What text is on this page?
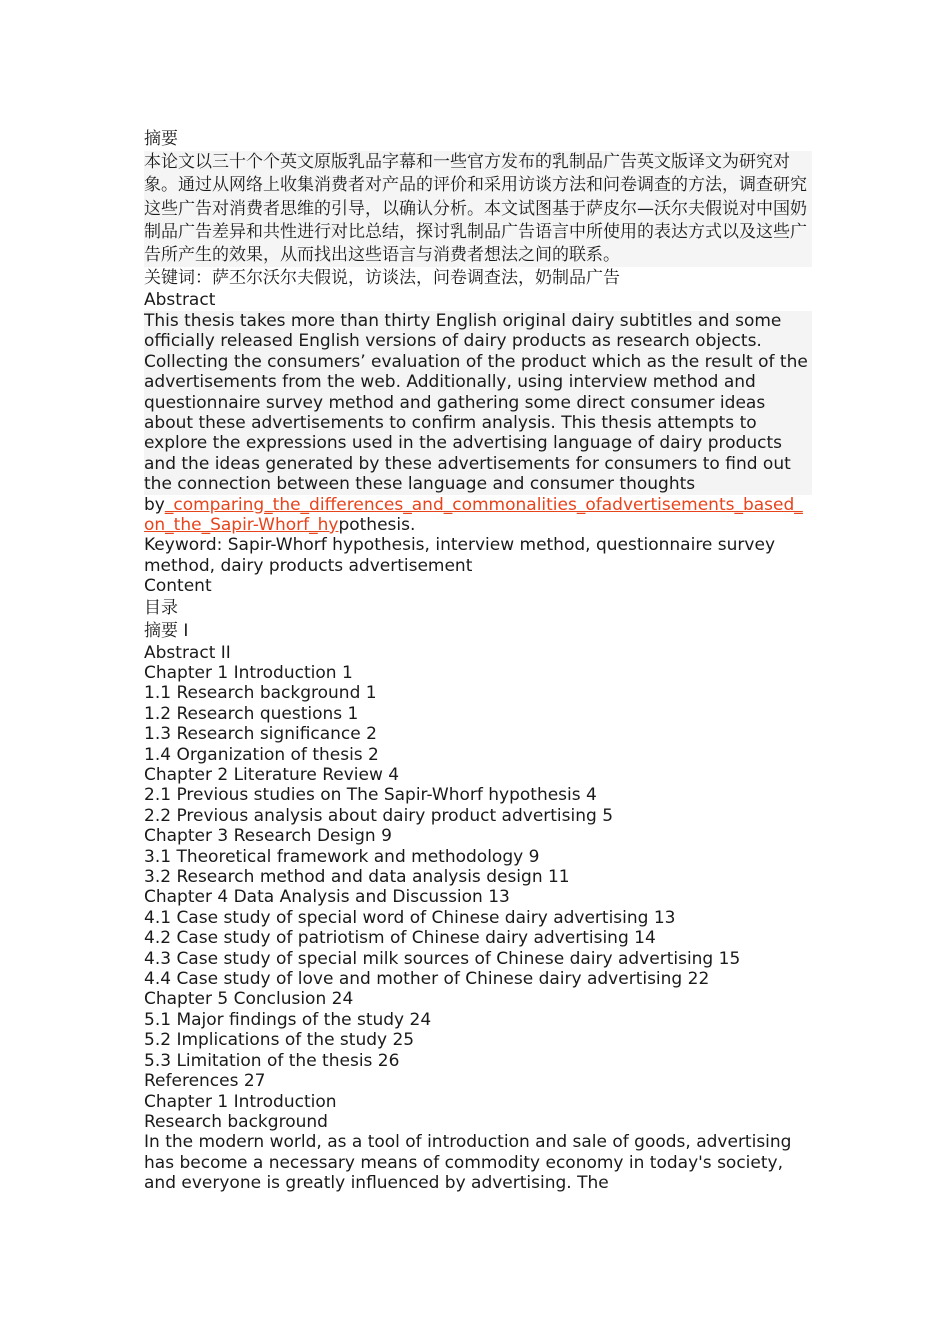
摘要
本论文以三十个个英文原版乳品字幕和一些官方发布的乳制品广告英文版译文为研究对象。通过从网络上收集消费者对产品的评价和采用访谈方法和问卷调查的方法，调查研究这些广告对消费者思维的引导，以确认分析。本文试图基于萨皮尔—沃尔夫假说对中国奶制品广告差异和共性进行对比总结，探讨乳制品广告语言中所使用的表达方式以及这些广告所产生的效果，从而找出这些语言与消费者想法之间的联系。
关键词：萨丕尔沃尔夫假说，访谈法，问卷调查法，奶制品广告
Abstract
This thesis takes more than thirty English original dairy subtitles and some officially released English versions of dairy products as research objects. Collecting the consumers’ evaluation of the product which as the result of the advertisements from the web. Additionally, using interview method and questionnaire survey method and gathering some direct consumer ideas about these advertisements to confirm analysis. This thesis attempts to explore the expressions used in the advertising language of dairy products and the ideas generated by these advertisements for consumers to find out the connection between these language and consumer thoughts
by_comparing_the_differences_and_commonalities_ofadvertisements_based_on_the_Sapir-Whorf_hypothesis.
Keyword: Sapir-Whorf hypothesis, interview method, questionnaire survey method, dairy products advertisement
Content
目录
摘要 I
Abstract II
Chapter 1 Introduction 1
1.1 Research background 1
1.2 Research questions 1
1.3 Research significance 2
1.4 Organization of thesis 2
Chapter 2 Literature Review 4
2.1 Previous studies on The Sapir-Whorf hypothesis 4
2.2 Previous analysis about dairy product advertising 5
Chapter 3 Research Design 9
3.1 Theoretical framework and methodology 9
3.2 Research method and data analysis design 11
Chapter 4 Data Analysis and Discussion 13
4.1 Case study of special word of Chinese dairy advertising 13
4.2 Case study of patriotism of Chinese dairy advertising 14
4.3 Case study of special milk sources of Chinese dairy advertising 15
4.4 Case study of love and mother of Chinese dairy advertising 22
Chapter 5 Conclusion 24
5.1 Major findings of the study 24
5.2 Implications of the study 25
5.3 Limitation of the thesis 26
References 27
Chapter 1 Introduction
Research background
In the modern world, as a tool of introduction and sale of goods, advertising has become a necessary means of commodity economy in today's society, and everyone is greatly influenced by advertising. The
